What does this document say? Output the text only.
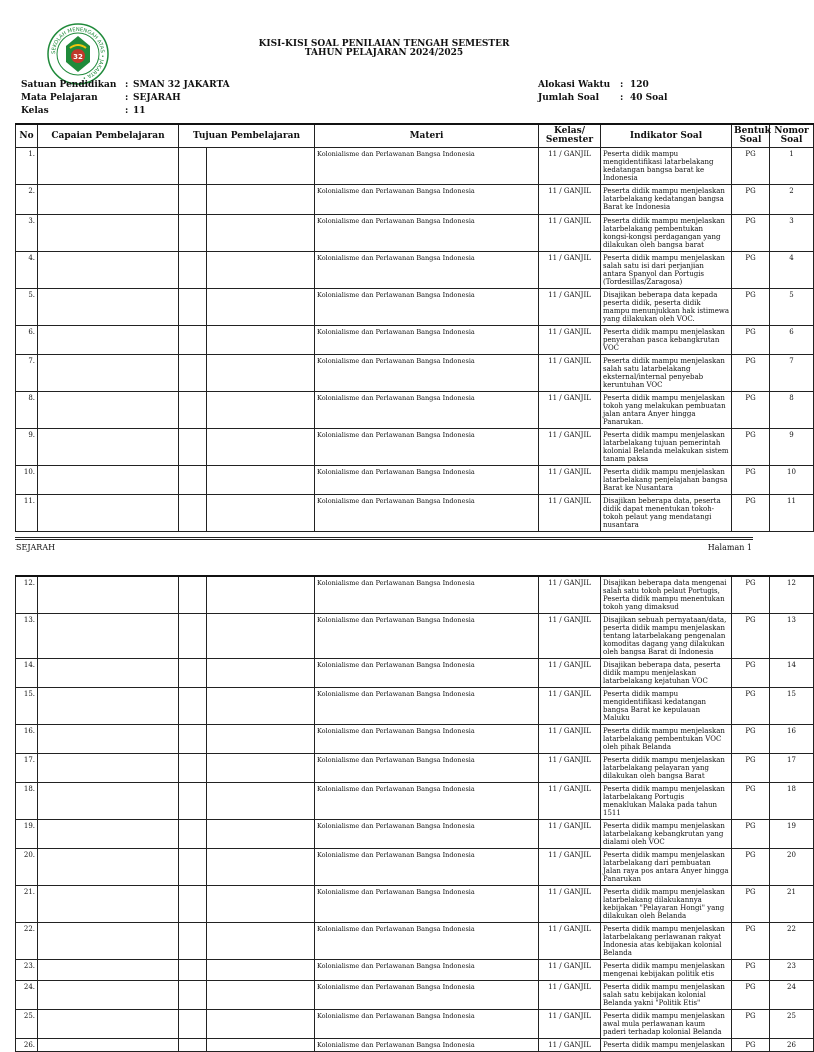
SEKOLAH MENENGAH ATAS • JAKARTA •
32
KISI-KISI SOAL PENILAIAN TENGAH SEMESTER
TAHUN PELAJARAN 2024/2025
Satuan Pendidikan : SMAN 32 JAKARTA
Mata Pelajaran	: SEJARAH
Kelas	: 11
Alokasi Waktu : 120
Jumlah Soal : 40 Soal
No	Capaian Pembelajaran	Tujuan Pembelajaran		Materi	Kelas/ Semester	Indikator Soal	Bentuk Soal	Nomor Soal
1.				Kolonialisme dan Perlawanan Bangsa Indonesia	11 / GANJIL	Peserta didik mampu mengidentifikasi latarbelakang kedatangan bangsa barat ke Indonesia	PG	1
2.				Kolonialisme dan Perlawanan Bangsa Indonesia	11 / GANJIL	Peserta didik mampu menjelaskan latarbelakang kedatangan bangsa Barat ke Indonesia	PG	2
3.				Kolonialisme dan Perlawanan Bangsa Indonesia	11 / GANJIL	Peserta didik mampu menjelaskan latarbelakang pembentukan kongsi-kongsi perdagangan yang dilakukan oleh bangsa barat	PG	3
4.				Kolonialisme dan Perlawanan Bangsa Indonesia	11 / GANJIL	Peserta didik mampu menjelaskan salah satu isi dari perjanjian antara Spanyol dan Portugis (Tordesillas/Zaragosa)	PG	4
5.				Kolonialisme dan Perlawanan Bangsa Indonesia	11 / GANJIL	Disajikan beberapa data kepada peserta didik, peserta didik mampu menunjukkan hak istimewa yang dilakukan oleh VOC.	PG	5
6.				Kolonialisme dan Perlawanan Bangsa Indonesia	11 / GANJIL	Peserta didik mampu menjelaskan penyerahan pasca kebangkrutan VOC	PG	6
7.				Kolonialisme dan Perlawanan Bangsa Indonesia	11 / GANJIL	Peserta didik mampu menjelaskan salah satu latarbelakang eksternal/internal penyebab keruntuhan VOC	PG	7
8.				Kolonialisme dan Perlawanan Bangsa Indonesia	11 / GANJIL	Peserta didik mampu menjelaskan tokoh yang melakukan pembuatan jalan antara Anyer hingga Panarukan.	PG	8
9.				Kolonialisme dan Perlawanan Bangsa Indonesia	11 / GANJIL	Peserta didik mampu menjelaskan latarbelakang tujuan pemerintah kolonial Belanda melakukan sistem tanam paksa	PG	9
10.				Kolonialisme dan Perlawanan Bangsa Indonesia	11 / GANJIL	Peserta didik mampu menjelaskan latarbelakang penjelajahan bangsa Barat ke Nusantara	PG	10
11.				Kolonialisme dan Perlawanan Bangsa Indonesia	11 / GANJIL	Disajikan beberapa data, peserta didik dapat menentukan tokoh-tokoh pelaut yang mendatangi nusantara	PG	11
SEJARAH	Halaman 1
12.				Kolonialisme dan Perlawanan Bangsa Indonesia	11 / GANJIL	Disajikan beberapa data mengenai salah satu tokoh pelaut Portugis, Peserta didik mampu menentukan tokoh yang dimaksud	PG	12
13.				Kolonialisme dan Perlawanan Bangsa Indonesia	11 / GANJIL	Disajikan sebuah pernyataan/data, peserta didik mampu menjelaskan tentang latarbelakang pengenalan komoditas dagang yang dilakukan oleh bangsa Barat di Indonesia	PG	13
14.				Kolonialisme dan Perlawanan Bangsa Indonesia	11 / GANJIL	Disajikan beberapa data, peserta didik mampu menjelaskan latarbelakang kejatuhan VOC	PG	14
15.				Kolonialisme dan Perlawanan Bangsa Indonesia	11 / GANJIL	Peserta didik mampu mengidentifikasi kedatangan bangsa Barat ke kepulauan Maluku	PG	15
16.				Kolonialisme dan Perlawanan Bangsa Indonesia	11 / GANJIL	Peserta didik mampu menjelaskan latarbelakang pembentukan VOC oleh pihak Belanda	PG	16
17.				Kolonialisme dan Perlawanan Bangsa Indonesia	11 / GANJIL	Peserta didik mampu menjelaskan latarbelakang pelayaran yang dilakukan oleh bangsa Barat	PG	17
18.				Kolonialisme dan Perlawanan Bangsa Indonesia	11 / GANJIL	Peserta didik mampu menjelaskan latarbelakang Portugis menaklukan Malaka pada tahun 1511	PG	18
19.				Kolonialisme dan Perlawanan Bangsa Indonesia	11 / GANJIL	Peserta didik mampu menjelaskan latarbelakang kebangkrutan yang dialami oleh VOC	PG	19
20.				Kolonialisme dan Perlawanan Bangsa Indonesia	11 / GANJIL	Peserta didik mampu menjelaskan latarbelakang dari pembuatan Jalan raya pos antara Anyer hingga Panarukan	PG	20
21.				Kolonialisme dan Perlawanan Bangsa Indonesia	11 / GANJIL	Peserta didik mampu menjelaskan latarbelakang dilakukannya kebijakan "Pelayaran Hongi" yang dilakukan oleh Belanda	PG	21
22.				Kolonialisme dan Perlawanan Bangsa Indonesia	11 / GANJIL	Peserta didik mampu menjelaskan latarbelakang perlawanan rakyat Indonesia atas kebijakan kolonial Belanda	PG	22
23.				Kolonialisme dan Perlawanan Bangsa Indonesia	11 / GANJIL	Peserta didik mampu menjelaskan mengenai kebijakan politik etis	PG	23
24.				Kolonialisme dan Perlawanan Bangsa Indonesia	11 / GANJIL	Peserta didik mampu menjelaskan salah satu kebijakan kolonial Belanda yakni "Politik Etis"	PG	24
25.				Kolonialisme dan Perlawanan Bangsa Indonesia	11 / GANJIL	Peserta didik mampu menjelaskan awal mula perlawanan kaum paderi terhadap kolonial Belanda	PG	25
26.				Kolonialisme dan Perlawanan Bangsa Indonesia	11 / GANJIL	Peserta didik mampu menjelaskan	PG	26
